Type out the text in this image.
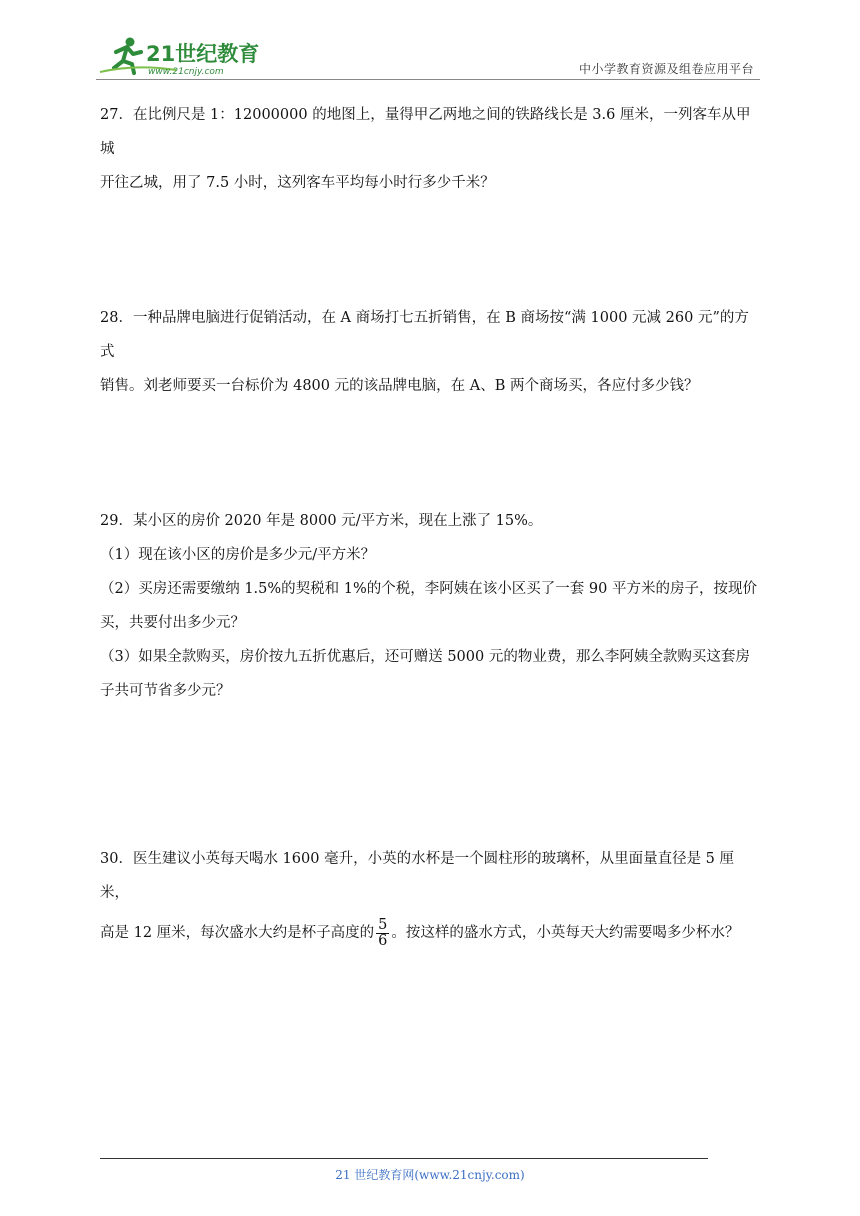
21世纪教育
www.21cnjy.com	中小学教育资源及组卷应用平台

27．在比例尺是 1：12000000 的地图上，量得甲乙两地之间的铁路线长是 3.6 厘米，一列客车从甲城

开往乙城，用了 7.5 小时，这列客车平均每小时行多少千米？

28．一种品牌电脑进行促销活动，在 A 商场打七五折销售，在 B 商场按“满 1000 元减 260 元”的方式

销售。刘老师要买一台标价为 4800 元的该品牌电脑，在 A、B 两个商场买，各应付多少钱？

29．某小区的房价 2020 年是 8000 元/平方米，现在上涨了 15%。

（1）现在该小区的房价是多少元/平方米？

（2）买房还需要缴纳 1.5%的契税和 1%的个税，李阿姨在该小区买了一套 90 平方米的房子，按现价

买，共要付出多少元？

（3）如果全款购买，房价按九五折优惠后，还可赠送 5000 元的物业费，那么李阿姨全款购买这套房

子共可节省多少元？

30．医生建议小英每天喝水 1600 毫升，小英的水杯是一个圆柱形的玻璃杯，从里面量直径是 5 厘米，

高是 12 厘米，每次盛水大约是杯子高度的 $\frac{5}{6}$ 。按这样的盛水方式，小英每天大约需要喝多少杯水？

21 世纪教育网(www.21cnjy.com)
